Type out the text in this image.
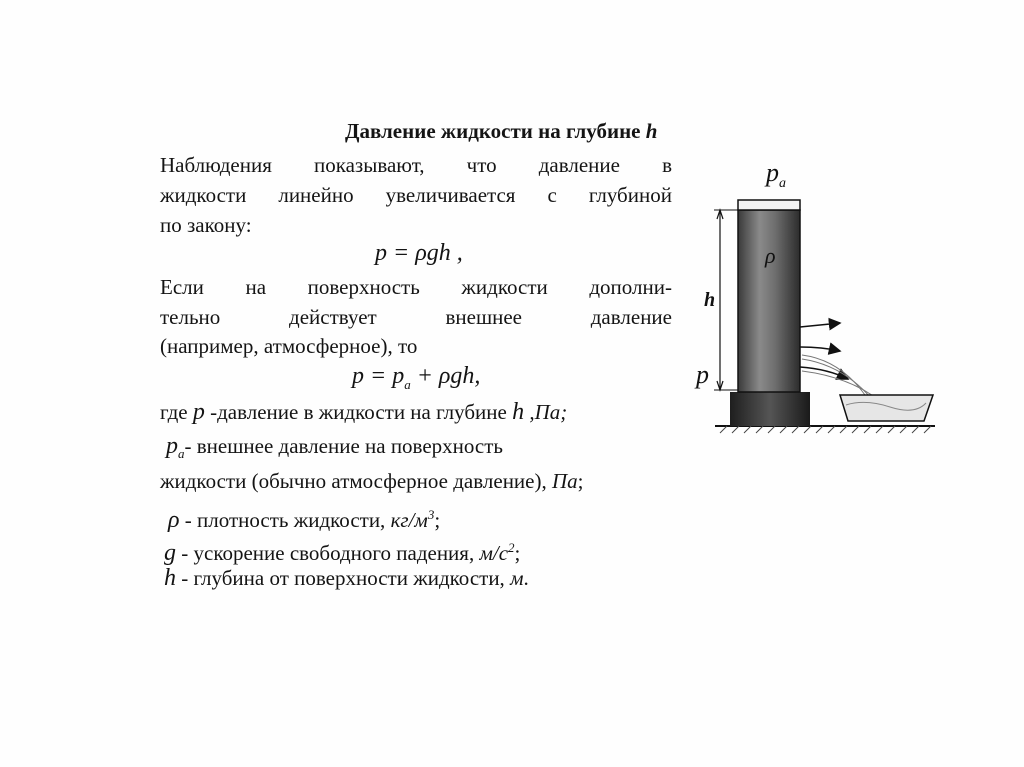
Давление жидкости на глубине h
Наблюдения показывают, что давление в
жидкости линейно увеличивается с глубиной
по закону:
p = ρgh ,
Если на поверхность жидкости дополни-
тельно	действует	внешнее	давление
(например, атмосферное), то
$p = p_a + \rho gh$,
где p -давление в жидкости на глубине h ,Па;
$p_a-$ внешнее давление на поверхность
жидкости (обычно атмосферное давление), Па;
ρ - плотность жидкости, $кг/м^3$;
g - ускорение свободного падения, $м/с^2$;
h - глубина от поверхности жидкости, м.
$p_a$
ρ
h
p
